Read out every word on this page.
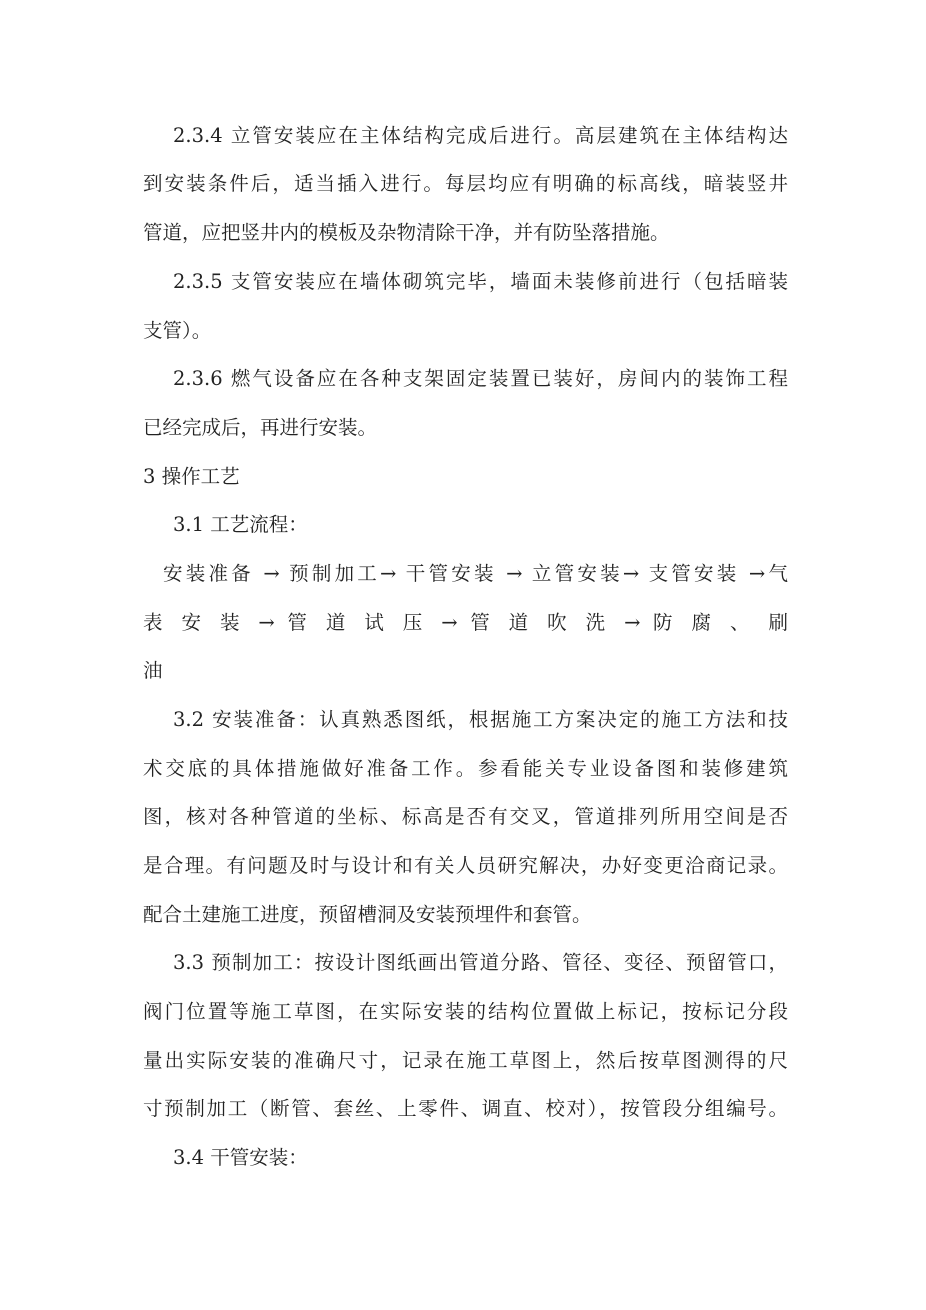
2.3.4 立管安装应在主体结构完成后进行。高层建筑在主体结构达
到安装条件后，适当插入进行。每层均应有明确的标高线，暗装竖井
管道，应把竖井内的模板及杂物清除干净，并有防坠落措施。
2.3.5 支管安装应在墙体砌筑完毕，墙面未装修前进行（包括暗装
支管）。
2.3.6 燃气设备应在各种支架固定装置已装好，房间内的装饰工程
已经完成后，再进行安装。
3 操作工艺
3.1 工艺流程：
安装准备 → 预制加工→ 干管安装 → 立管安装→ 支管安装 →气
表 安 装 → 管 道 试 压 → 管 道 吹 洗 → 防 腐 、 刷
油
3.2 安装准备：认真熟悉图纸，根据施工方案决定的施工方法和技
术交底的具体措施做好准备工作。参看能关专业设备图和装修建筑
图，核对各种管道的坐标、标高是否有交叉，管道排列所用空间是否
是合理。有问题及时与设计和有关人员研究解决，办好变更洽商记录。
配合土建施工进度，预留槽洞及安装预埋件和套管。
3.3 预制加工：按设计图纸画出管道分路、管径、变径、预留管口，
阀门位置等施工草图，在实际安装的结构位置做上标记，按标记分段
量出实际安装的准确尺寸，记录在施工草图上，然后按草图测得的尺
寸预制加工（断管、套丝、上零件、调直、校对），按管段分组编号。
3.4 干管安装：
